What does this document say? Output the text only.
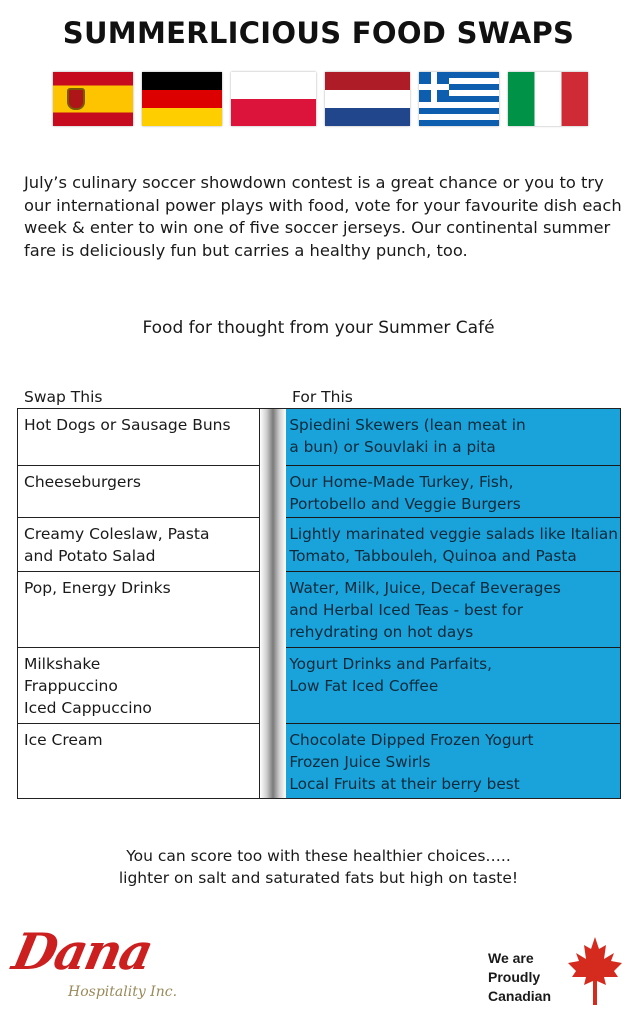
SUMMERLICIOUS FOOD SWAPS
July’s culinary soccer showdown contest is a great chance or you to try our international power plays with food, vote for your favourite dish each week & enter to win one of five soccer jerseys. Our continental summer fare is deliciously fun but carries a healthy punch, too.
Food for thought from your Summer Café
Swap This	For This
Hot Dogs or Sausage Buns
Cheeseburgers
Creamy Coleslaw, Pasta
and Potato Salad
Pop, Energy Drinks
Milkshake
Frappuccino
Iced Cappuccino
Ice Cream
Spiedini Skewers (lean meat in
a bun) or Souvlaki in a pita
Our Home-Made Turkey, Fish,
Portobello and Veggie Burgers
Lightly marinated veggie salads like Italian
Tomato, Tabbouleh, Quinoa and Pasta
Water, Milk, Juice, Decaf Beverages
and Herbal Iced Teas - best for
rehydrating on hot days
Yogurt Drinks and Parfaits,
Low Fat Iced Coffee
Chocolate Dipped Frozen Yogurt
Frozen Juice Swirls
Local Fruits at their berry best
You can score too with these healthier choices…..
lighter on salt and saturated fats but high on taste!
Dana
Hospitality Inc.
We are
Proudly
Canadian
